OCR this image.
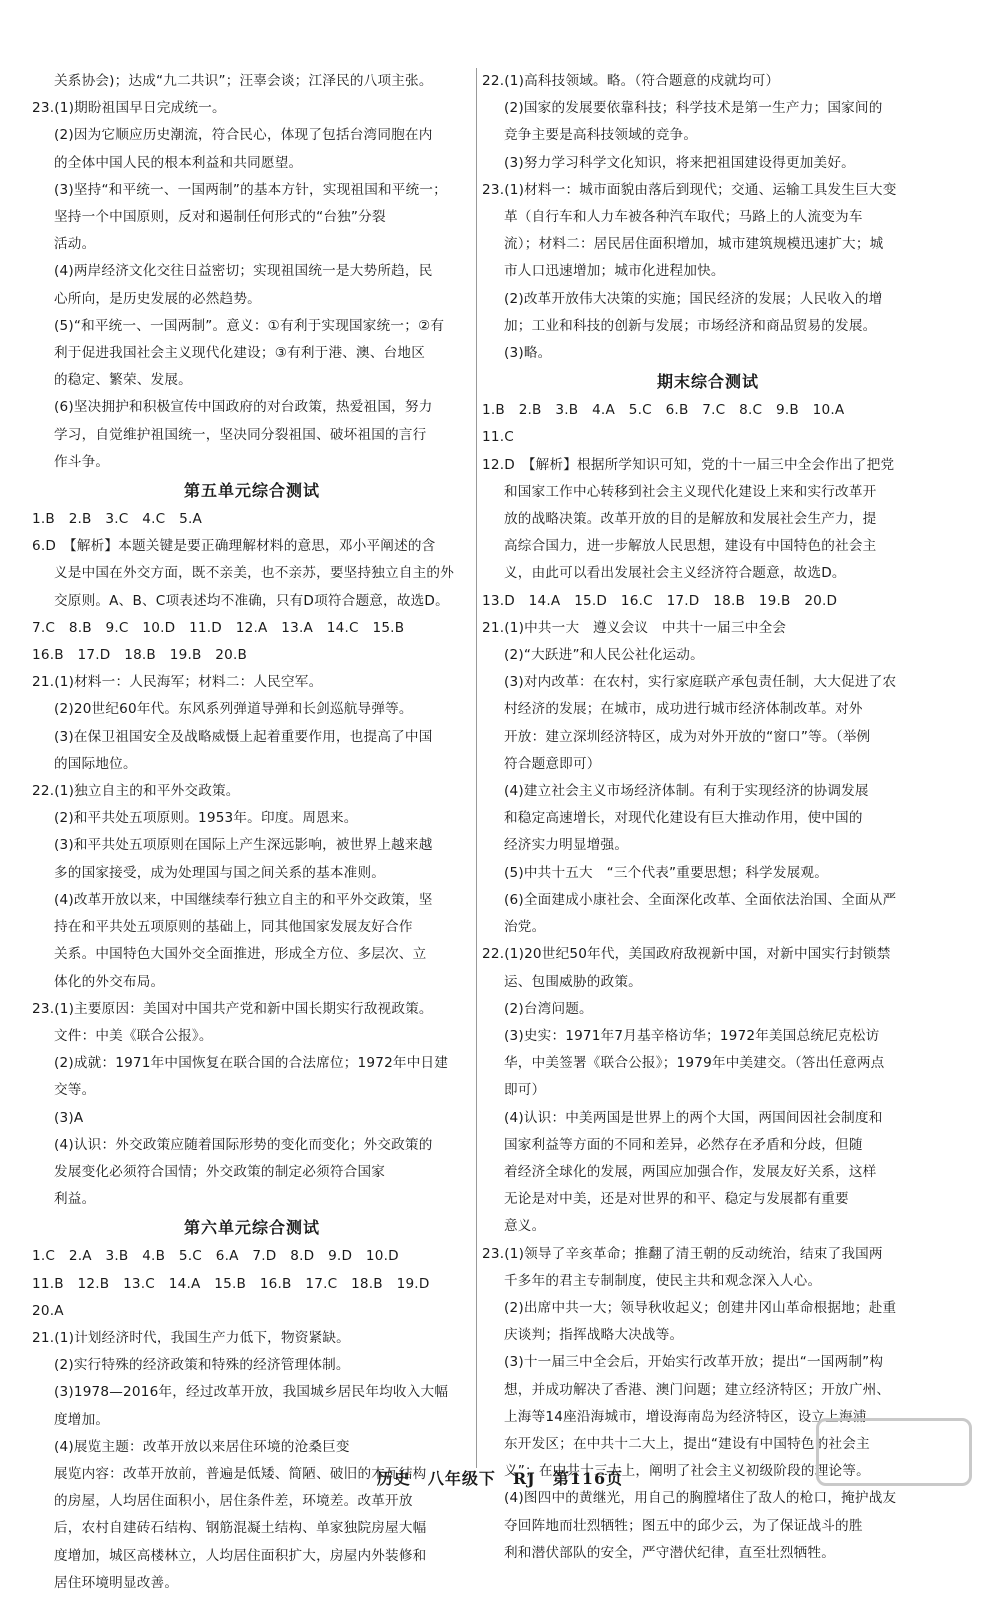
关系协会)；达成“九二共识”；汪辜会谈；江泽民的八项主张。
23.(1)期盼祖国早日完成统一。
(2)因为它顺应历史潮流，符合民心，体现了包括台湾同胞在内
的全体中国人民的根本利益和共同愿望。
(3)坚持“和平统一、一国两制”的基本方针，实现祖国和平统一；
坚持一个中国原则，反对和遏制任何形式的“台独”分裂
活动。
(4)两岸经济文化交往日益密切；实现祖国统一是大势所趋，民
心所向，是历史发展的必然趋势。
(5)“和平统一、一国两制”。意义：①有利于实现国家统一；②有
利于促进我国社会主义现代化建设；③有利于港、澳、台地区
的稳定、繁荣、发展。
(6)坚决拥护和积极宣传中国政府的对台政策，热爱祖国，努力
学习，自觉维护祖国统一，坚决同分裂祖国、破坏祖国的言行
作斗争。
第五单元综合测试
1.B　2.B　3.C　4.C　5.A
6.D　【解析】本题关键是要正确理解材料的意思，邓小平阐述的含
义是中国在外交方面，既不亲美，也不亲苏，要坚持独立自主的外
交原则。A、B、C项表述均不准确，只有D项符合题意，故选D。
7.C　8.B　9.C　10.D　11.D　12.A　13.A　14.C　15.B
16.B　17.D　18.B　19.B　20.B
21.(1)材料一：人民海军；材料二：人民空军。
(2)20世纪60年代。东风系列弹道导弹和长剑巡航导弹等。
(3)在保卫祖国安全及战略威慑上起着重要作用，也提高了中国
的国际地位。
22.(1)独立自主的和平外交政策。
(2)和平共处五项原则。1953年。印度。周恩来。
(3)和平共处五项原则在国际上产生深远影响，被世界上越来越
多的国家接受，成为处理国与国之间关系的基本准则。
(4)改革开放以来，中国继续奉行独立自主的和平外交政策，坚
持在和平共处五项原则的基础上，同其他国家发展友好合作
关系。中国特色大国外交全面推进，形成全方位、多层次、立
体化的外交布局。
23.(1)主要原因：美国对中国共产党和新中国长期实行敌视政策。
文件：中美《联合公报》。
(2)成就：1971年中国恢复在联合国的合法席位；1972年中日建
交等。
(3)A
(4)认识：外交政策应随着国际形势的变化而变化；外交政策的
发展变化必须符合国情；外交政策的制定必须符合国家
利益。
第六单元综合测试
1.C　2.A　3.B　4.B　5.C　6.A　7.D　8.D　9.D　10.D
11.B　12.B　13.C　14.A　15.B　16.B　17.C　18.B　19.D
20.A
21.(1)计划经济时代，我国生产力低下，物资紧缺。
(2)实行特殊的经济政策和特殊的经济管理体制。
(3)1978—2016年，经过改革开放，我国城乡居民年均收入大幅
度增加。
(4)展览主题：改革开放以来居住环境的沧桑巨变
展览内容：改革开放前，普遍是低矮、简陋、破旧的木瓦结构
的房屋，人均居住面积小，居住条件差，环境差。改革开放
后，农村自建砖石结构、钢筋混凝土结构、单家独院房屋大幅
度增加，城区高楼林立，人均居住面积扩大，房屋内外装修和
居住环境明显改善。
22.(1)高科技领域。略。（符合题意的戍就均可）
(2)国家的发展要依靠科技；科学技术是第一生产力；国家间的
竞争主要是高科技领域的竞争。
(3)努力学习科学文化知识，将来把祖国建设得更加美好。
23.(1)材料一：城市面貌由落后到现代；交通、运输工具发生巨大变
革（自行车和人力车被各种汽车取代；马路上的人流变为车
流）；材料二：居民居住面积增加，城市建筑规模迅速扩大；城
市人口迅速增加；城市化进程加快。
(2)改革开放伟大决策的实施；国民经济的发展；人民收入的增
加；工业和科技的创新与发展；市场经济和商品贸易的发展。
(3)略。
期末综合测试
1.B　2.B　3.B　4.A　5.C　6.B　7.C　8.C　9.B　10.A
11.C
12.D　【解析】根据所学知识可知，党的十一届三中全会作出了把党
和国家工作中心转移到社会主义现代化建设上来和实行改革开
放的战略决策。改革开放的目的是解放和发展社会生产力，提
高综合国力，进一步解放人民思想，建设有中国特色的社会主
义，由此可以看出发展社会主义经济符合题意，故选D。
13.D　14.A　15.D　16.C　17.D　18.B　19.B　20.D
21.(1)中共一大　遵义会议　中共十一届三中全会
(2)“大跃进”和人民公社化运动。
(3)对内改革：在农村，实行家庭联产承包责任制，大大促进了农
村经济的发展；在城市，成功进行城市经济体制改革。对外
开放：建立深圳经济特区，成为对外开放的“窗口”等。（举例
符合题意即可）
(4)建立社会主义市场经济体制。有利于实现经济的协调发展
和稳定高速增长，对现代化建设有巨大推动作用，使中国的
经济实力明显增强。
(5)中共十五大　“三个代表”重要思想；科学发展观。
(6)全面建成小康社会、全面深化改革、全面依法治国、全面从严
治党。
22.(1)20世纪50年代，美国政府敌视新中国，对新中国实行封锁禁
运、包围威胁的政策。
(2)台湾问题。
(3)史实：1971年7月基辛格访华；1972年美国总统尼克松访
华，中美签署《联合公报》；1979年中美建交。（答出任意两点
即可）
(4)认识：中美两国是世界上的两个大国，两国间因社会制度和
国家利益等方面的不同和差异，必然存在矛盾和分歧，但随
着经济全球化的发展，两国应加强合作，发展友好关系，这样
无论是对中美，还是对世界的和平、稳定与发展都有重要
意义。
23.(1)领导了辛亥革命；推翻了清王朝的反动统治，结束了我国两
千多年的君主专制制度，使民主共和观念深入人心。
(2)出席中共一大；领导秋收起义；创建井冈山革命根据地；赴重
庆谈判；指挥战略大决战等。
(3)十一届三中全会后，开始实行改革开放；提出“一国两制”构
想，并成功解决了香港、澳门问题；建立经济特区；开放广州、
上海等14座沿海城市，增设海南岛为经济特区，设立上海浦
东开发区；在中共十二大上，提出“建设有中国特色的社会主
义”；在中共十三大上，阐明了社会主义初级阶段的理论等。
(4)图四中的黄继光，用自己的胸膛堵住了敌人的枪口，掩护战友
夺回阵地而壮烈牺牲；图五中的邱少云，为了保证战斗的胜
利和潜伏部队的安全，严守潜伏纪律，直至壮烈牺牲。
历史　八年级下　RJ　第116页
